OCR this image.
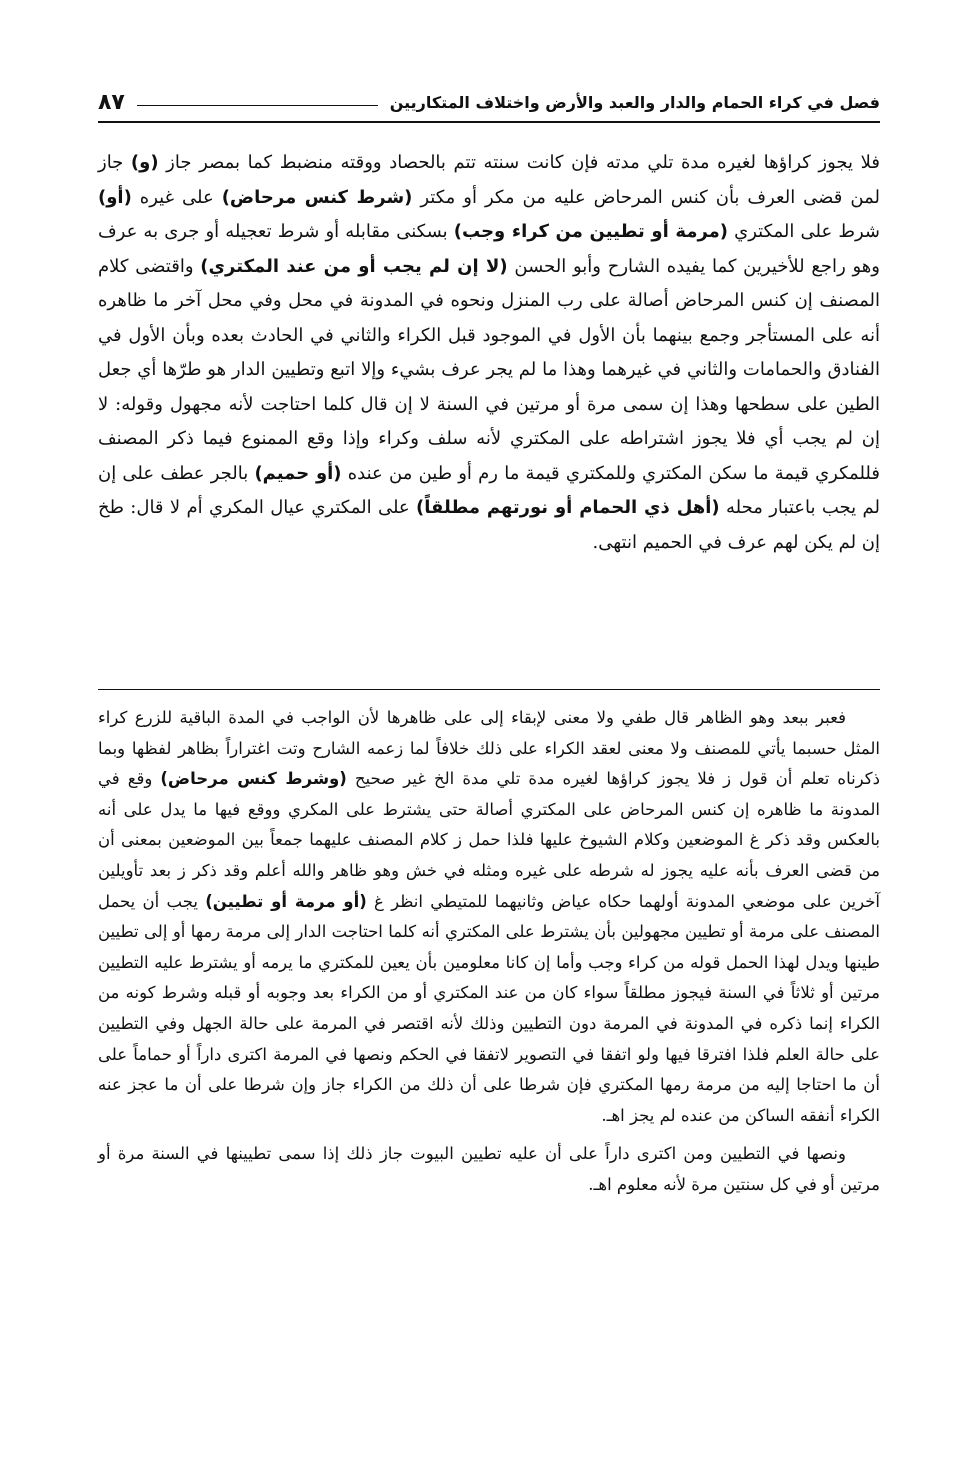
فصل في كراء الحمام والدار والعبد والأرض واختلاف المتكاريين
٨٧

فلا يجوز كراؤها لغيره مدة تلي مدته فإن كانت سنته تتم بالحصاد ووقته منضبط كما بمصر جاز (و) جاز لمن قضى العرف بأن كنس المرحاض عليه من مكر أو مكتر (شرط كنس مرحاض) على غيره (أو) شرط على المكتري (مرمة أو تطيين من كراء وجب) بسكنى مقابله أو شرط تعجيله أو جرى به عرف وهو راجع للأخيرين كما يفيده الشارح وأبو الحسن (لا إن لم يجب أو من عند المكتري) واقتضى كلام المصنف إن كنس المرحاض أصالة على رب المنزل ونحوه في المدونة في محل وفي محل آخر ما ظاهره أنه على المستأجر وجمع بينهما بأن الأول في الموجود قبل الكراء والثاني في الحادث بعده وبأن الأول في الفنادق والحمامات والثاني في غيرهما وهذا ما لم يجر عرف بشيء وإلا اتبع وتطيين الدار هو طرّها أي جعل الطين على سطحها وهذا إن سمى مرة أو مرتين في السنة لا إن قال كلما احتاجت لأنه مجهول وقوله: لا إن لم يجب أي فلا يجوز اشتراطه على المكتري لأنه سلف وكراء وإذا وقع الممنوع فيما ذكر المصنف فللمكري قيمة ما سكن المكتري وللمكتري قيمة ما رم أو طين من عنده (أو حميم) بالجر عطف على إن لم يجب باعتبار محله (أهل ذي الحمام أو نورتهم مطلقاً) على المكتري عيال المكري أم لا قال: طخ إن لم يكن لهم عرف في الحميم انتهى.

فعبر ببعد وهو الظاهر قال طفي ولا معنى لإبقاء إلى على ظاهرها لأن الواجب في المدة الباقية للزرع كراء المثل حسبما يأتي للمصنف ولا معنى لعقد الكراء على ذلك خلافاً لما زعمه الشارح وتت اغتراراً بظاهر لفظها وبما ذكرناه تعلم أن قول ز فلا يجوز كراؤها لغيره مدة تلي مدة الخ غير صحيح (وشرط كنس مرحاض) وقع في المدونة ما ظاهره إن كنس المرحاض على المكتري أصالة حتى يشترط على المكري ووقع فيها ما يدل على أنه بالعكس وقد ذكر غ الموضعين وكلام الشيوخ عليها فلذا حمل ز كلام المصنف عليهما جمعاً بين الموضعين بمعنى أن من قضى العرف بأنه عليه يجوز له شرطه على غيره ومثله في خش وهو ظاهر والله أعلم وقد ذكر ز بعد تأويلين آخرين على موضعي المدونة أولهما حكاه عياض وثانيهما للمتيطي انظر غ (أو مرمة أو تطيين) يجب أن يحمل المصنف على مرمة أو تطيين مجهولين بأن يشترط على المكتري أنه كلما احتاجت الدار إلى مرمة رمها أو إلى تطيين طينها ويدل لهذا الحمل قوله من كراء وجب وأما إن كانا معلومين بأن يعين للمكتري ما يرمه أو يشترط عليه التطيين مرتين أو ثلاثاً في السنة فيجوز مطلقاً سواء كان من عند المكتري أو من الكراء بعد وجوبه أو قبله وشرط كونه من الكراء إنما ذكره في المدونة في المرمة دون التطيين وذلك لأنه اقتصر في المرمة على حالة الجهل وفي التطيين على حالة العلم فلذا افترقا فيها ولو اتفقا في التصوير لاتفقا في الحكم ونصها في المرمة اكترى داراً أو حماماً على أن ما احتاجا إليه من مرمة رمها المكتري فإن شرطا على أن ذلك من الكراء جاز وإن شرطا على أن ما عجز عنه الكراء أنفقه الساكن من عنده لم يجز اهـ.

ونصها في التطيين ومن اكترى داراً على أن عليه تطيين البيوت جاز ذلك إذا سمى تطيينها في السنة مرة أو مرتين أو في كل سنتين مرة لأنه معلوم اهـ.
